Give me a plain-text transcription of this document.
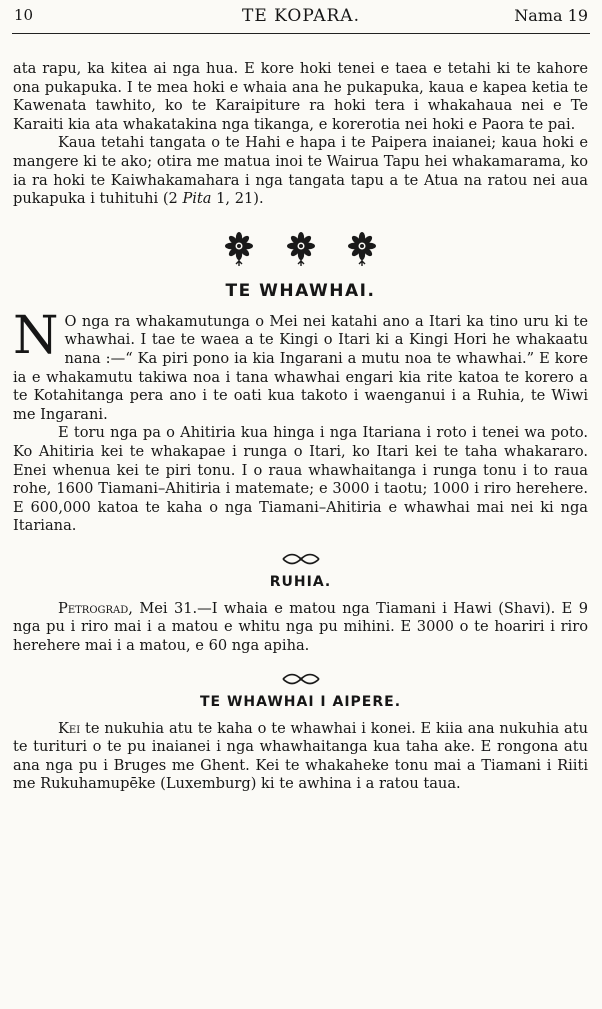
10	TE KOPARA.	Nama 19

ata rapu, ka kitea ai nga hua. E kore hoki tenei e taea e tetahi ki te kahore ona pukapuka. I te mea hoki e whaia ana he pukapuka, kaua e kapea ketia te Kawenata tawhito, ko te Karaipiture ra hoki tera i whakahaua nei e Te Karaiti kia ata whakatakina nga tikanga, e korerotia nei hoki e Paora te pai.

Kaua tetahi tangata o te Hahi e hapa i te Paipera inaianei; kaua hoki e mangere ki te ako; otira me matua inoi te Wairua Tapu hei whakamarama, ko ia ra hoki te Kaiwhakamahara i nga tangata tapu a te Atua na ratou nei aua pukapuka i tuhituhi (2 Pita 1, 21).

TE WHAWHAI.

N O nga ra whakamutunga o Mei nei katahi ano a Itari ka tino uru ki te whawhai. I tae te waea a te Kingi o Itari ki a Kingi Hori he whakaatu nana :—“ Ka piri pono ia kia Ingarani a mutu noa te whawhai.” E kore ia e whakamutu takiwa noa i tana whawhai engari kia rite katoa te korero a te Kotahitanga pera ano i te oati kua takoto i waenganui i a Ruhia, te Wiwi me Ingarani.

E toru nga pa o Ahitiria kua hinga i nga Itariana i roto i tenei wa poto. Ko Ahitiria kei te whakapae i runga o Itari, ko Itari kei te taha whakararo. Enei whenua kei te piri tonu. I o raua whawhaitanga i runga tonu i to raua rohe, 1600 Tiamani–Ahitiria i matemate; e 3000 i taotu; 1000 i riro herehere. E 600,000 katoa te kaha o nga Tiamani–Ahitiria e whawhai mai nei ki nga Itariana.

RUHIA.

Petrograd, Mei 31.—I whaia e matou nga Tiamani i Hawi (Shavi). E 9 nga pu i riro mai i a matou e whitu nga pu mihini. E 3000 o te hoariri i riro herehere mai i a matou, e 60 nga apiha.

TE WHAWHAI I AIPERE.

Kei te nukuhia atu te kaha o te whawhai i konei. E kiia ana nukuhia atu te turituri o te pu inaianei i nga whawhaitanga kua taha ake. E rongona atu ana nga pu i Bruges me Ghent. Kei te whakaheke tonu mai a Tiamani i Riiti me Rukuhamupēke (Luxemburg) ki te awhina i a ratou taua.
